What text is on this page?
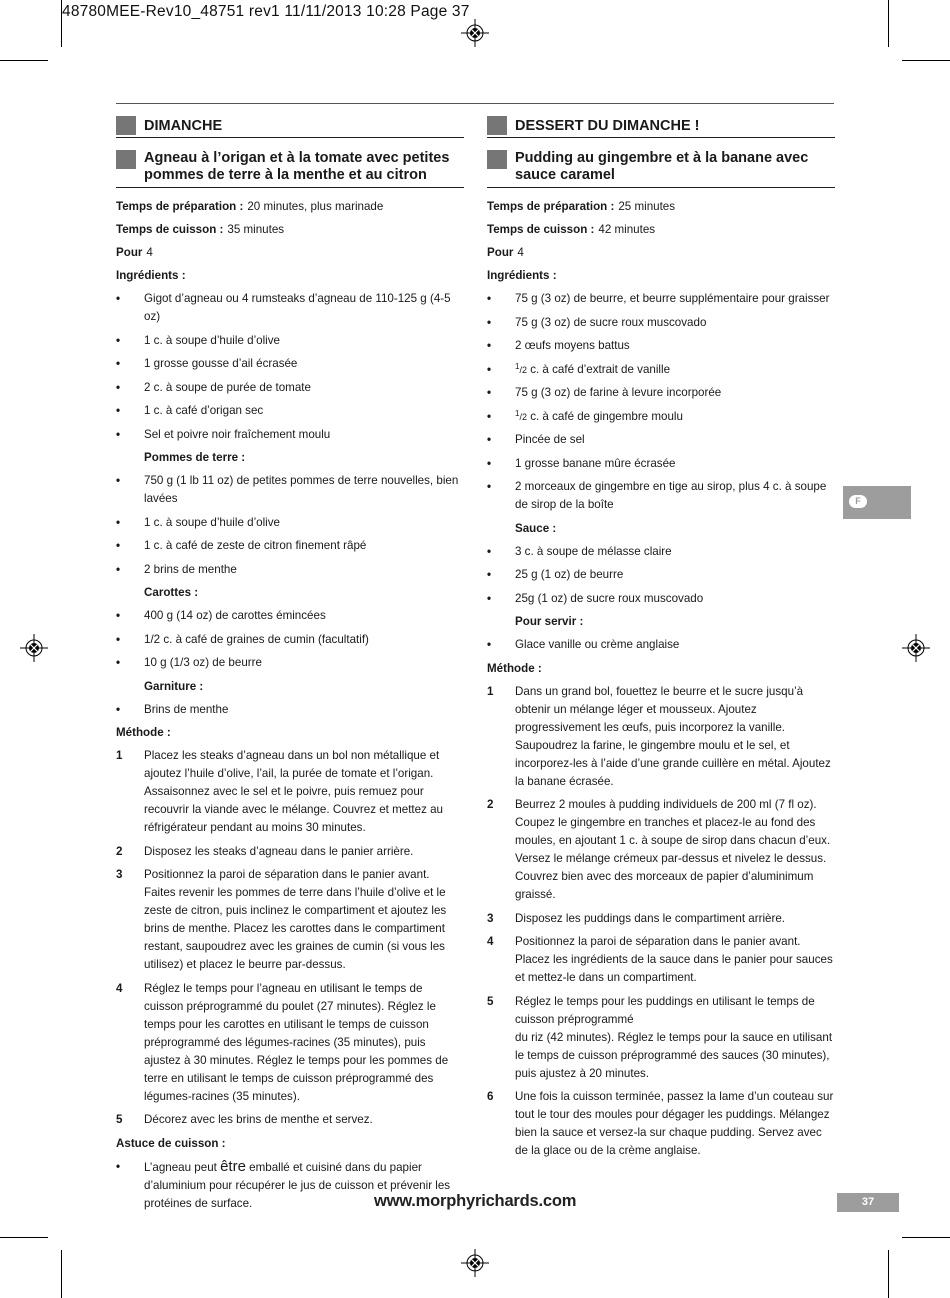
48780MEE-Rev10_48751 rev1 11/11/2013 10:28 Page 37
DIMANCHE
Agneau à l’origan et à la tomate avec petites pommes de terre à la menthe et au citron
Temps de préparation : 20 minutes, plus marinade
Temps de cuisson : 35 minutes
Pour 4
Ingrédients :
• Gigot d’agneau ou 4 rumsteaks d’agneau de 110-125 g (4-5 oz)
• 1 c. à soupe d’huile d’olive
• 1 grosse gousse d’ail écrasée
• 2 c. à soupe de purée de tomate
• 1 c. à café d’origan sec
• Sel et poivre noir fraîchement moulu
Pommes de terre :
• 750 g (1 lb 11 oz) de petites pommes de terre nouvelles, bien lavées
• 1 c. à soupe d’huile d’olive
• 1 c. à café de zeste de citron finement râpé
• 2 brins de menthe
Carottes :
• 400 g (14 oz) de carottes émincées
• 1/2 c. à café de graines de cumin (facultatif)
• 10 g (1/3 oz) de beurre
Garniture :
• Brins de menthe
Méthode :
1 Placez les steaks d’agneau dans un bol non métallique et ajoutez l’huile d’olive, l’ail, la purée de tomate et l’origan. Assaisonnez avec le sel et le poivre, puis remuez pour recouvrir la viande avec le mélange. Couvrez et mettez au réfrigérateur pendant au moins 30 minutes.
2 Disposez les steaks d’agneau dans le panier arrière.
3 Positionnez la paroi de séparation dans le panier avant. Faites revenir les pommes de terre dans l’huile d’olive et le zeste de citron, puis inclinez le compartiment et ajoutez les brins de menthe. Placez les carottes dans le compartiment restant, saupoudrez avec les graines de cumin (si vous les utilisez) et placez le beurre par-dessus.
4 Réglez le temps pour l’agneau en utilisant le temps de cuisson préprogrammé du poulet (27 minutes). Réglez le temps pour les carottes en utilisant le temps de cuisson préprogrammé des légumes-racines (35 minutes), puis ajustez à 30 minutes. Réglez le temps pour les pommes de terre en utilisant le temps de cuisson préprogrammé des légumes-racines (35 minutes).
5 Décorez avec les brins de menthe et servez.
Astuce de cuisson :
• L’agneau peut être emballé et cuisiné dans du papier d’aluminium pour récupérer le jus de cuisson et prévenir les protéines de surface.
DESSERT DU DIMANCHE !
Pudding au gingembre et à la banane avec sauce caramel
Temps de préparation : 25 minutes
Temps de cuisson : 42 minutes
Pour 4
Ingrédients :
• 75 g (3 oz) de beurre, et beurre supplémentaire pour graisser
• 75 g (3 oz) de sucre roux muscovado
• 2 œufs moyens battus
•	$^1$/2 c. à café d’extrait de vanille
• 75 g (3 oz) de farine à levure incorporée
•	$^1$/2 c. à café de gingembre moulu
• Pincée de sel
• 1 grosse banane mûre écrasée
• 2 morceaux de gingembre en tige au sirop, plus 4 c. à soupe de sirop de la boîte
Sauce :
• 3 c. à soupe de mélasse claire
• 25 g (1 oz) de beurre
• 25g (1 oz) de sucre roux muscovado
Pour servir :
• Glace vanille ou crème anglaise
Méthode :
1 Dans un grand bol, fouettez le beurre et le sucre jusqu’à obtenir un mélange léger et mousseux. Ajoutez progressivement les œufs, puis incorporez la vanille. Saupoudrez la farine, le gingembre moulu et le sel, et incorporez-les à l’aide d’une grande cuillère en métal. Ajoutez la banane écrasée.
2 Beurrez 2 moules à pudding individuels de 200 ml (7 fl oz). Coupez le gingembre en tranches et placez-le au fond des moules, en ajoutant 1 c. à soupe de sirop dans chacun d’eux. Versez le mélange crémeux par-dessus et nivelez le dessus. Couvrez bien avec des morceaux de papier d’aluminimum graissé.
3 Disposez les puddings dans le compartiment arrière.
4 Positionnez la paroi de séparation dans le panier avant. Placez les ingrédients de la sauce dans le panier pour sauces et mettez-le dans un compartiment.
5 Réglez le temps pour les puddings en utilisant le temps de cuisson préprogrammé
du riz (42 minutes). Réglez le temps pour la sauce en utilisant le temps de cuisson préprogrammé des sauces (30 minutes), puis ajustez à 20 minutes.
6 Une fois la cuisson terminée, passez la lame d’un couteau sur tout le tour des moules pour dégager les puddings. Mélangez bien la sauce et versez-la sur chaque pudding. Servez avec de la glace ou de la crème anglaise.
F
www.morphyrichards.com	37
